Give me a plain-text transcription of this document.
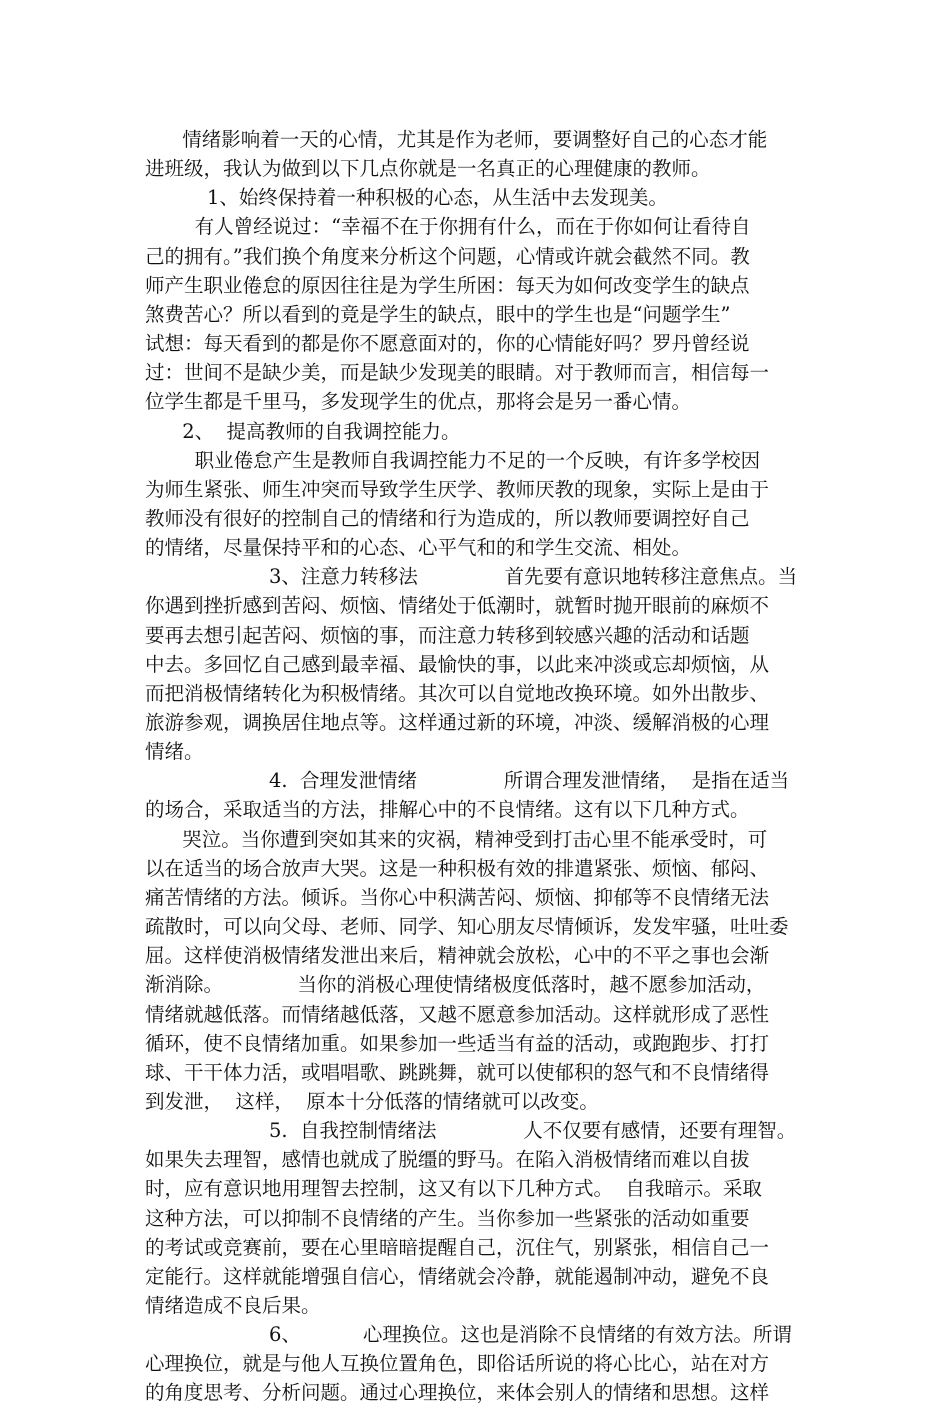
情绪影响着一天的心情，尤其是作为老师，要调整好自己的心态才能
进班级，我认为做到以下几点你就是一名真正的心理健康的教师。
1、始终保持着一种积极的心态，从生活中去发现美。
有人曾经说过：“幸福不在于你拥有什么，而在于你如何让看待自
己的拥有。”我们换个角度来分析这个问题，心情或许就会截然不同。教
师产生职业倦怠的原因往往是为学生所困：每天为如何改变学生的缺点
煞费苦心？所以看到的竟是学生的缺点，眼中的学生也是“问题学生”
试想：每天看到的都是你不愿意面对的，你的心情能好吗？罗丹曾经说
过：世间不是缺少美，而是缺少发现美的眼睛。对于教师而言，相信每一
位学生都是千里马，多发现学生的优点，那将会是另一番心情。
2、  提高教师的自我调控能力。
职业倦怠产生是教师自我调控能力不足的一个反映，有许多学校因
为师生紧张、师生冲突而导致学生厌学、教师厌教的现象，实际上是由于
教师没有很好的控制自己的情绪和行为造成的，所以教师要调控好自己
的情绪，尽量保持平和的心态、心平气和的和学生交流、相处。
3、注意力转移法              首先要有意识地转移注意焦点。当
你遇到挫折感到苦闷、烦恼、情绪处于低潮时，就暂时抛开眼前的麻烦不
要再去想引起苦闷、烦恼的事，而注意力转移到较感兴趣的活动和话题
中去。多回忆自己感到最幸福、最愉快的事，以此来冲淡或忘却烦恼，从
而把消极情绪转化为积极情绪。其次可以自觉地改换环境。如外出散步、
旅游参观，调换居住地点等。这样通过新的环境，冲淡、缓解消极的心理
情绪。
4.  合理发泄情绪              所谓合理发泄情绪，  是指在适当
的场合，采取适当的方法，排解心中的不良情绪。这有以下几种方式。
哭泣。当你遭到突如其来的灾祸，精神受到打击心里不能承受时，可
以在适当的场合放声大哭。这是一种积极有效的排遣紧张、烦恼、郁闷、
痛苦情绪的方法。倾诉。当你心中积满苦闷、烦恼、抑郁等不良情绪无法
疏散时，可以向父母、老师、同学、知心朋友尽情倾诉，发发牢骚，吐吐委
屈。这样使消极情绪发泄出来后，精神就会放松，心中的不平之事也会渐
渐消除。            当你的消极心理使情绪极度低落时，越不愿参加活动，
情绪就越低落。而情绪越低落，又越不愿意参加活动。这样就形成了恶性
循环，使不良情绪加重。如果参加一些适当有益的活动，或跑跑步、打打
球、干干体力活，或唱唱歌、跳跳舞，就可以使郁积的怒气和不良情绪得
到发泄，  这样，  原本十分低落的情绪就可以改变。
5.  自我控制情绪法              人不仅要有感情，还要有理智。
如果失去理智，感情也就成了脱缰的野马。在陷入消极情绪而难以自拔
时，应有意识地用理智去控制，这又有以下几种方式。  自我暗示。采取
这种方法，可以抑制不良情绪的产生。当你参加一些紧张的活动如重要
的考试或竞赛前，要在心里暗暗提醒自己，沉住气，别紧张，相信自己一
定能行。这样就能增强自信心，情绪就会冷静，就能遏制冲动，避免不良
情绪造成不良后果。
6、          心理换位。这也是消除不良情绪的有效方法。所谓
心理换位，就是与他人互换位置角色，即俗话所说的将心比心，站在对方
的角度思考、分析问题。通过心理换位，来体会别人的情绪和思想。这样
